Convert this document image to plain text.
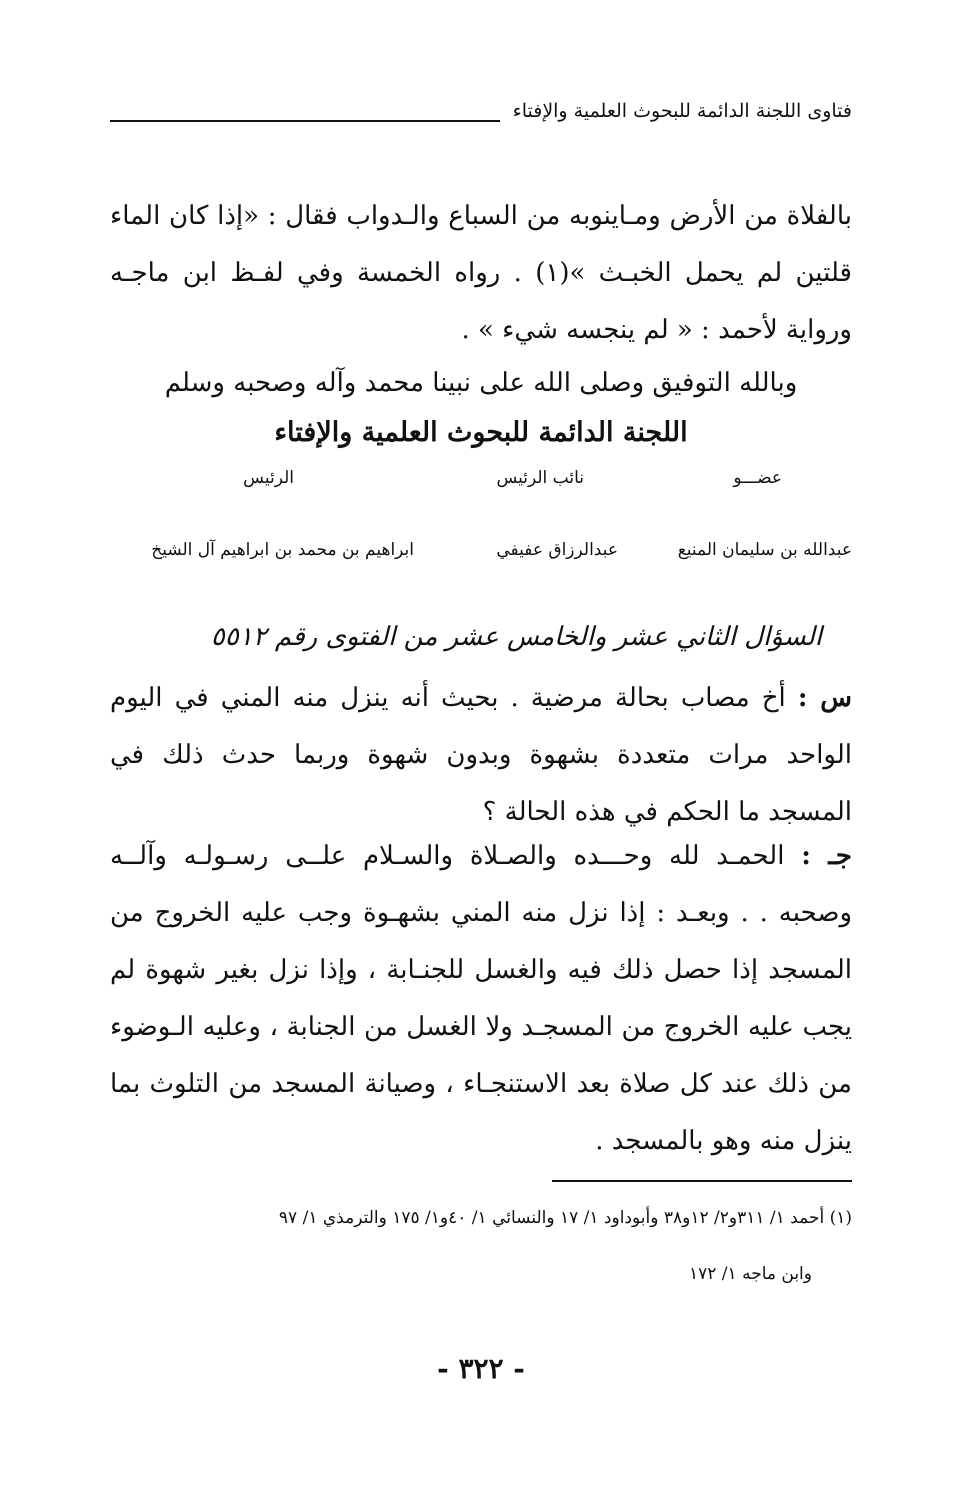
فتاوى اللجنة الدائمة للبحوث العلمية والإفتاء
بالفلاة من الأرض ومـاينوبه من السباع والـدواب فقال : «إذا كان الماء قلتين لم يحمل الخبـث »(١) . رواه الخمسة وفي لفـظ ابن ماجـه ورواية لأحمد : « لم ينجسه شيء » .
وبالله التوفيق وصلى الله على نبينا محمد وآله وصحبه وسلم
اللجنة الدائمة للبحوث العلمية والإفتاء
عضـــو
نائب الرئيس
الرئيس
عبدالله بن سليمان المنيع
عبدالرزاق عفيفي
ابراهيم بن محمد بن ابراهيم آل الشيخ
السؤال الثاني عشر والخامس عشر من الفتوى رقم ٥٥١٢
س : أخ مصاب بحالة مرضية . بحيث أنه ينزل منه المني في اليوم الواحد مرات متعددة بشهوة وبدون شهوة وربما حدث ذلك في المسجد ما الحكم في هذه الحالة ؟
جـ : الحمـد لله وحـــده والصـلاة والسـلام علــى رسـولـه وآلــه وصحبه . . وبعـد : إذا نزل منه المني بشهـوة وجب عليه الخروج من المسجد إذا حصل ذلك فيه والغسل للجنـابة ، وإذا نزل بغير شهوة لم يجب عليه الخروج من المسجـد ولا الغسل من الجنابة ، وعليه الـوضوء من ذلك عند كل صلاة بعد الاستنجـاء ، وصيانة المسجد من التلوث بما ينزل منه وهو بالمسجد .
(١) أحمد ١/ ٣١١و٢/ ١٢و٣٨ وأبوداود ١/ ١٧ والنسائي ١/ ٤٠و١/ ١٧٥ والترمذي ١/ ٩٧
وابن ماجه ١/ ١٧٢
- ٣٢٢ -
